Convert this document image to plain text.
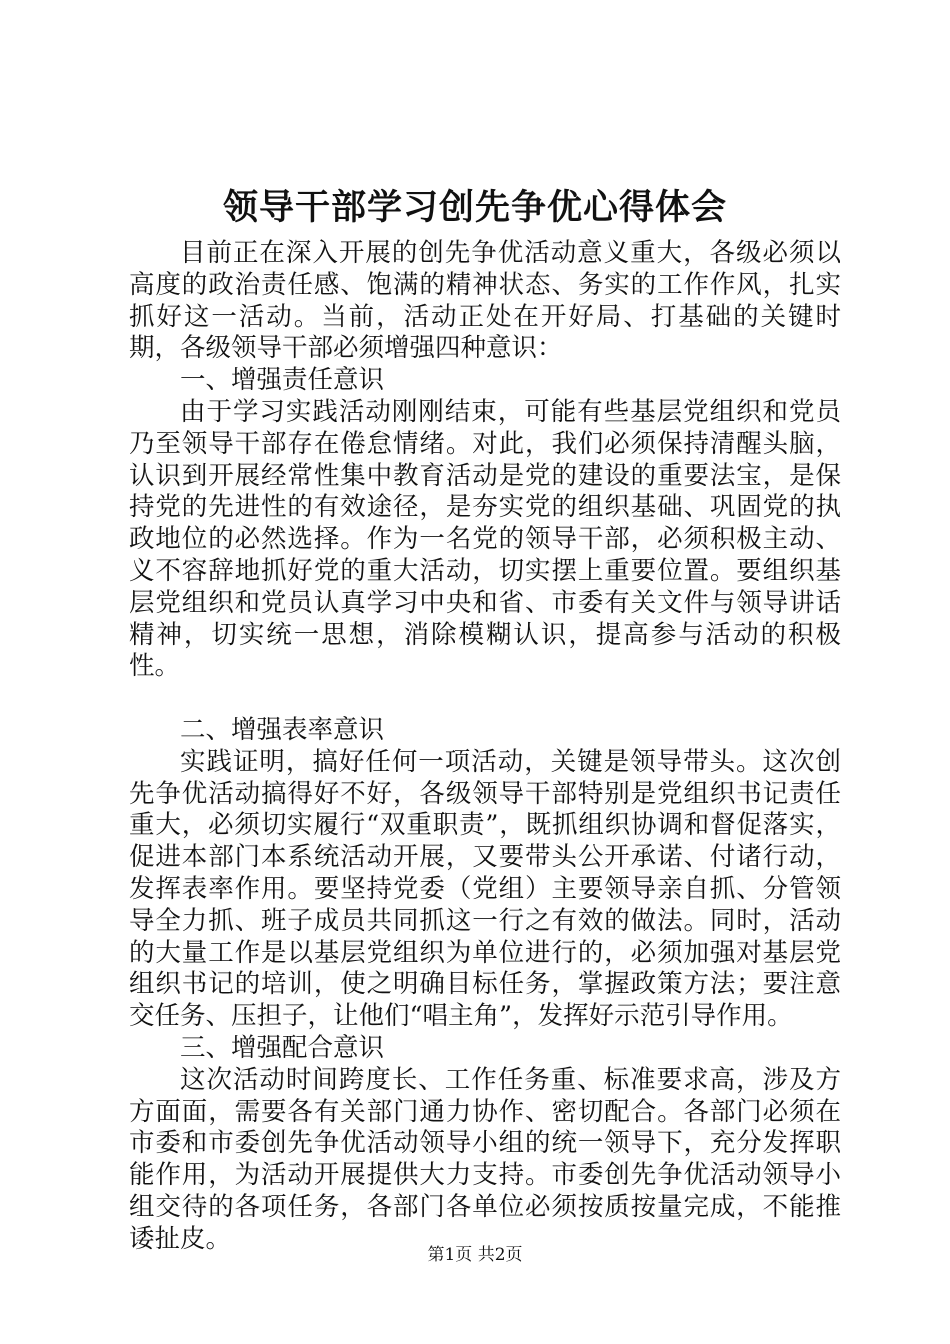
领导干部学习创先争优心得体会

目前正在深入开展的创先争优活动意义重大，各级必须以高度的政治责任感、饱满的精神状态、务实的工作作风，扎实抓好这一活动。当前，活动正处在开好局、打基础的关键时期，各级领导干部必须增强四种意识：

一、增强责任意识

由于学习实践活动刚刚结束，可能有些基层党组织和党员乃至领导干部存在倦怠情绪。对此，我们必须保持清醒头脑，认识到开展经常性集中教育活动是党的建设的重要法宝，是保持党的先进性的有效途径，是夯实党的组织基础、巩固党的执政地位的必然选择。作为一名党的领导干部，必须积极主动、义不容辞地抓好党的重大活动，切实摆上重要位置。要组织基层党组织和党员认真学习中央和省、市委有关文件与领导讲话精神，切实统一思想，消除模糊认识，提高参与活动的积极性。

二、增强表率意识

实践证明，搞好任何一项活动，关键是领导带头。这次创先争优活动搞得好不好，各级领导干部特别是党组织书记责任重大，必须切实履行“双重职责”，既抓组织协调和督促落实，促进本部门本系统活动开展，又要带头公开承诺、付诸行动，发挥表率作用。要坚持党委（党组）主要领导亲自抓、分管领导全力抓、班子成员共同抓这一行之有效的做法。同时，活动的大量工作是以基层党组织为单位进行的，必须加强对基层党组织书记的培训，使之明确目标任务，掌握政策方法；要注意交任务、压担子，让他们“唱主角”，发挥好示范引导作用。

三、增强配合意识

这次活动时间跨度长、工作任务重、标准要求高，涉及方方面面，需要各有关部门通力协作、密切配合。各部门必须在市委和市委创先争优活动领导小组的统一领导下，充分发挥职能作用，为活动开展提供大力支持。市委创先争优活动领导小组交待的各项任务，各部门各单位必须按质按量完成，不能推诿扯皮。

第1页 共2页
